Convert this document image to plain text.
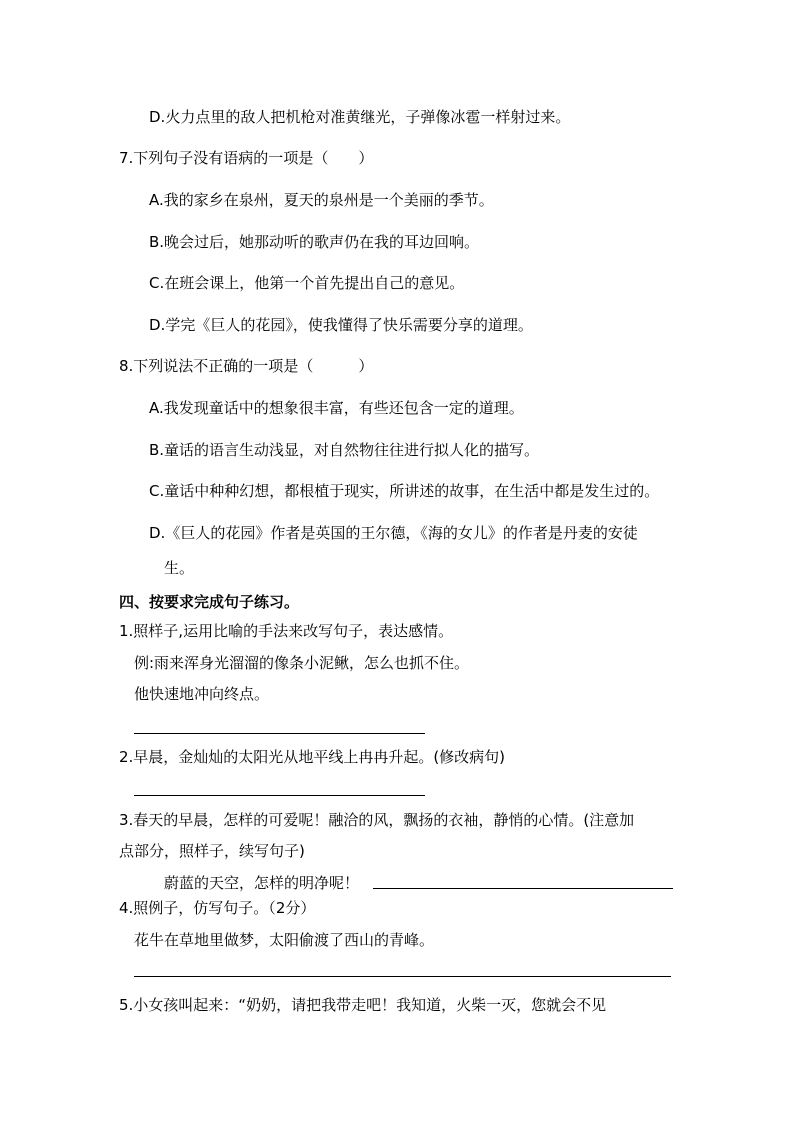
D.火力点里的敌人把机枪对准黄继光，子弹像冰雹一样射过来。
7.下列句子没有语病的一项是（　　）
A.我的家乡在泉州，夏天的泉州是一个美丽的季节。
B.晚会过后，她那动听的歌声仍在我的耳边回响。
C.在班会课上，他第一个首先提出自己的意见。
D.学完《巨人的花园》，使我懂得了快乐需要分享的道理。
8.下列说法不正确的一项是（　　　）
A.我发现童话中的想象很丰富，有些还包含一定的道理。
B.童话的语言生动浅显，对自然物往往进行拟人化的描写。
C.童话中种种幻想，都根植于现实，所讲述的故事，在生活中都是发生过的。
D.《巨人的花园》作者是英国的王尔德，《海的女儿》的作者是丹麦的安徒
生。
四、按要求完成句子练习。
1.照样子,运用比喻的手法来改写句子，表达感情。
例:雨来浑身光溜溜的像条小泥鳅，怎么也抓不住。
他快速地冲向终点。
2.早晨，金灿灿的太阳光从地平线上冉冉升起。(修改病句)
3.春天的早晨，怎样的可爱呢！融洽的风，飘扬的衣袖，静悄的心情。(注意加
点部分，照样子，续写句子)
蔚蓝的天空，怎样的明净呢！
4.照例子，仿写句子。（2分）
花牛在草地里做梦，太阳偷渡了西山的青峰。
5.小女孩叫起来：“奶奶，请把我带走吧！我知道，火柴一灭，您就会不见
